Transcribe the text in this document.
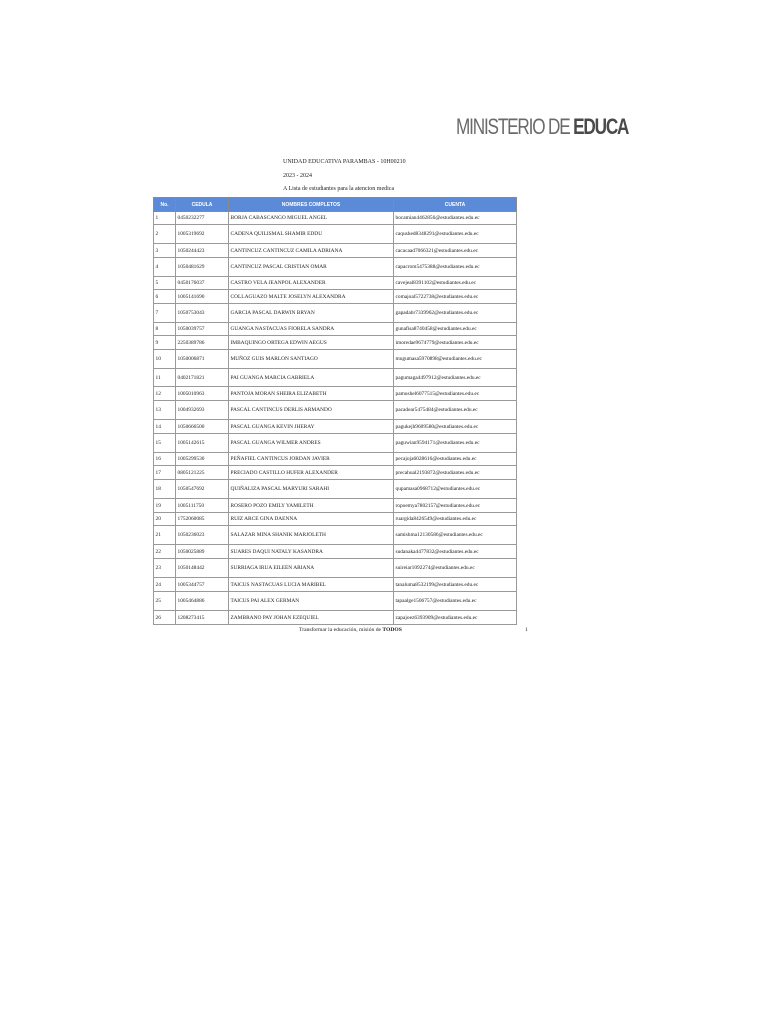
MINISTERIO DE EDUCA
UNIDAD EDUCATIVA PARAMBAS - 10H00210
2023 - 2024
A Lista de estudiantes para la atencion medica
No.	CEDULA	NOMBRES COMPLETOS	CUENTA
1	0450232277	BORJA CABASCANGO MIGUEL ANGEL	bocamian4462856@estudiantes.edu.ec
2	1005319692	CADENA QUILISMAL SHAMIR EDDU	caqushed8348291@estudiantes.edu.ec
3	1050244423	CANTINCUZ CANTINCUZ CAMILA ADRIANA	cacacaad7066321@estudiantes.edu.ec
4	1050481629	CANTINCUZ PASCAL CRISTIAN OMAR	capacrom5475388@estudiantes.edu.ec
5	0450176037	CASTRO VELA JEANPOL ALEXANDER	cavejeal8391102@estudiantes.edu.ec
6	1005141690	COLLAGUAZO MALTE JOSELYN ALEXANDRA	comajoal5722738@estudiantes.edu.ec
7	1050753043	GARCIA PASCAL DARWIN BRYAN	gapadabr7339962@estudiantes.edu.ec
8	1050039757	GUANGA NASTACUAS FIORELA SANDRA	gunafisa8740458@estudiantes.edu.ec
9	2250389786	IMBAQUINGO ORTEGA EDWIN AEGUS	imoredae9674779@estudiantes.edu.ec
10	1050006871	MUÑOZ GUIS MARLON SANTIAGO	mugumasa5970898@estudiantes.edu.ec
11	0402171821	PAI GUANGA MARCIA GABRIELA	pagumaga4497912@estudiantes.edu.ec
12	1005010963	PANTOJA MORAN SHEIRA ELIZABETH	pamoshel6077515@estudiantes.edu.ec
13	1004932693	PASCAL CANTINCUS DERLIS ARMANDO	pacadear5475484@estudiantes.edu.ec
14	1050666500	PASCAL GUANGA KEVIN JHERAY	pagukejh9609580@estudiantes.edu.ec
15	1005142615	PASCAL GUANGA WILMER ANDRES	paguwian9594171@estudiantes.edu.ec
16	1005299530	PEÑAFIEL CANTINCUS JORDAN JAVIER	pecajoja6028616@estudiantes.edu.ec
17	0805121225	PRECIADO CASTILLO HUFER ALEXANDER	precahual2193872@estudiantes.edu.ec
18	1050547692	QUIÑALIZA PASCAL MARYURI SARAHI	qupamasa0968712@estudiantes.edu.ec
19	1005111750	ROSERO POZO EMILY YAMILETH	ropoemya7802157@estudiantes.edu.ec
20	1752060085	RUIZ ARCE GINA DAENNA	ruargida8426549@estudiantes.edu.ec
21	1050236023	SALAZAR MINA SHANIK MARJOLETH	samishma12130586@estudiantes.edu.ec
22	1050025889	SUARES DAQUI NATALY KASANDRA	sudanaka4477832@estudiantes.edu.ec
23	1050148442	SURRIAGA IRUA EILEEN ARIANA	suireiar1092274@estudiantes.edu.ec
24	1005344757	TAICUS NASTACUAS LUCIA MARIBEL	tanaluma8532199@estudiantes.edu.ec
25	1005464886	TAICUS PAI ALEX GERMAN	tapaalge1506757@estudiantes.edu.ec
26	1208273415	ZAMBRANO PAY JOHAN EZEQUIEL	zapajoez6393909@estudiantes.edu.ec
Transformar la educación, misión de TODOS	1
